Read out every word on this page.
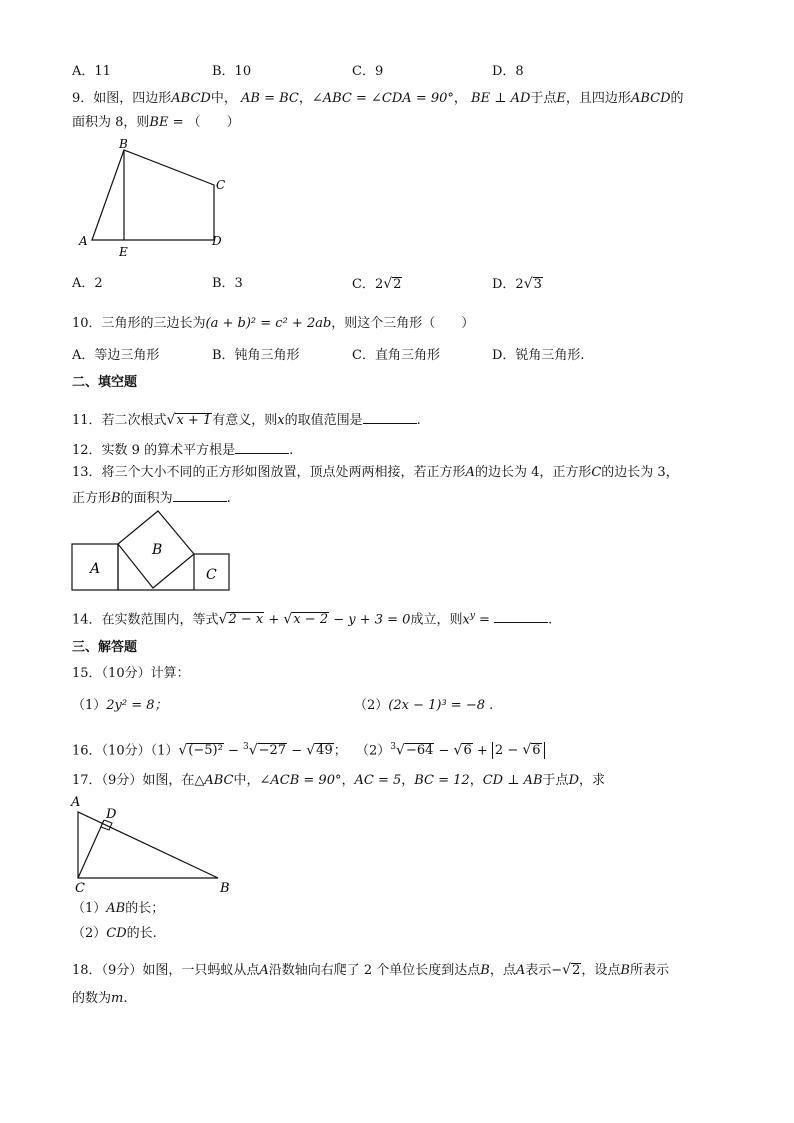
A．11	B．10	C．9	D．8
9．如图，四边形ABCD中， AB = BC，∠ABC = ∠CDA = 90°， BE ⊥ AD于点E，且四边形ABCD的
面积为 8，则BE = （　　）
B
C
A
E
D
A．2	B．3	C．2√2	D．2√3
10．三角形的三边长为(a + b)² = c² + 2ab，则这个三角形（　　）
A．等边三角形	B．钝角三角形	C．直角三角形	D．锐角三角形.
二、填空题
11．若二次根式√x + 1有意义，则x的取值范围是	.
12．实数 9 的算术平方根是	.
13．将三个大小不同的正方形如图放置，顶点处两两相接，若正方形A的边长为 4，正方形C的边长为 3，
正方形B的面积为	.
A
B
C
14．在实数范围内，等式√2 − x + √x − 2 − y + 3 = 0成立，则$x^y$ =	.
三、解答题
15．（10分）计算：
（1）2y² = 8；	（2）(2x − 1)³ = −8 .
16．（10分）（1）√(−5)² − $^3$√−27 − √49； $(2)^3√-64 - √6 + 2 - √6$
17．（9分）如图，在△ABC中，∠ACB = 90°，AC = 5，BC = 12，CD ⊥ AB于点D，求
A
D
C	B
（1）AB的长；
（2）CD的长.
18．（9分）如图，一只蚂蚁从点A沿数轴向右爬了 2 个单位长度到达点B，点A表示−√2，设点B所表示
的数为m.
